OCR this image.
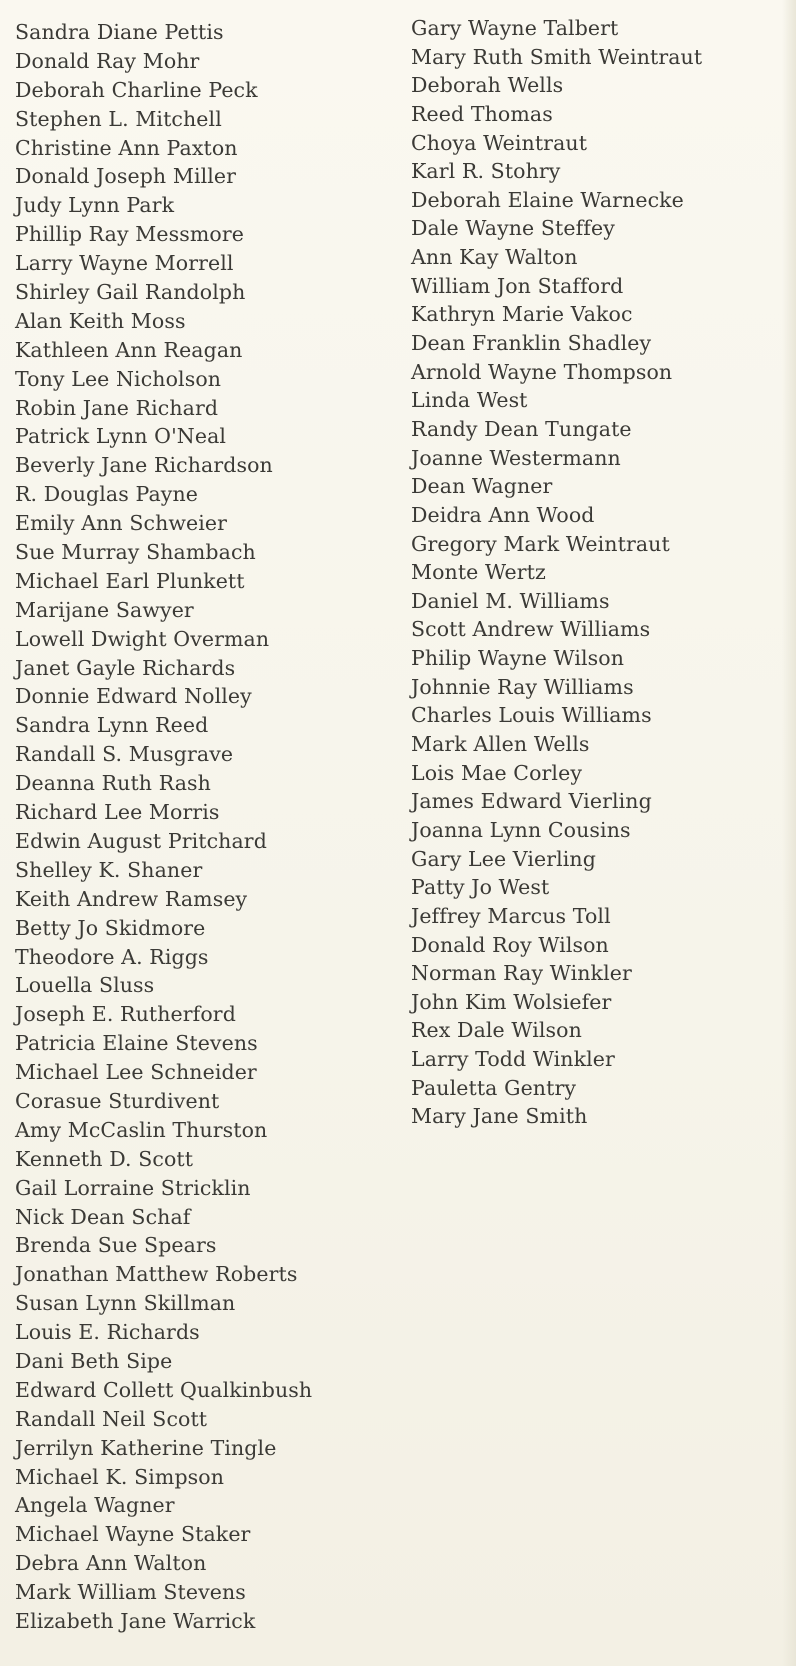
Sandra Diane Pettis
Donald Ray Mohr
Deborah Charline Peck
Stephen L. Mitchell
Christine Ann Paxton
Donald Joseph Miller
Judy Lynn Park
Phillip Ray Messmore
Larry Wayne Morrell
Shirley Gail Randolph
Alan Keith Moss
Kathleen Ann Reagan
Tony Lee Nicholson
Robin Jane Richard
Patrick Lynn O'Neal
Beverly Jane Richardson
R. Douglas Payne
Emily Ann Schweier
Sue Murray Shambach
Michael Earl Plunkett
Marijane Sawyer
Lowell Dwight Overman
Janet Gayle Richards
Donnie Edward Nolley
Sandra Lynn Reed
Randall S. Musgrave
Deanna Ruth Rash
Richard Lee Morris
Edwin August Pritchard
Shelley K. Shaner
Keith Andrew Ramsey
Betty Jo Skidmore
Theodore A. Riggs
Louella Sluss
Joseph E. Rutherford
Patricia Elaine Stevens
Michael Lee Schneider
Corasue Sturdivent
Amy McCaslin Thurston
Kenneth D. Scott
Gail Lorraine Stricklin
Nick Dean Schaf
Brenda Sue Spears
Jonathan Matthew Roberts
Susan Lynn Skillman
Louis E. Richards
Dani Beth Sipe
Edward Collett Qualkinbush
Randall Neil Scott
Jerrilyn Katherine Tingle
Michael K. Simpson
Angela Wagner
Michael Wayne Staker
Debra Ann Walton
Mark William Stevens
Elizabeth Jane Warrick
Gary Wayne Talbert
Mary Ruth Smith Weintraut
Deborah Wells
Reed Thomas
Choya Weintraut
Karl R. Stohry
Deborah Elaine Warnecke
Dale Wayne Steffey
Ann Kay Walton
William Jon Stafford
Kathryn Marie Vakoc
Dean Franklin Shadley
Arnold Wayne Thompson
Linda West
Randy Dean Tungate
Joanne Westermann
Dean Wagner
Deidra Ann Wood
Gregory Mark Weintraut
Monte Wertz
Daniel M. Williams
Scott Andrew Williams
Philip Wayne Wilson
Johnnie Ray Williams
Charles Louis Williams
Mark Allen Wells
Lois Mae Corley
James Edward Vierling
Joanna Lynn Cousins
Gary Lee Vierling
Patty Jo West
Jeffrey Marcus Toll
Donald Roy Wilson
Norman Ray Winkler
John Kim Wolsiefer
Rex Dale Wilson
Larry Todd Winkler
Pauletta Gentry
Mary Jane Smith
